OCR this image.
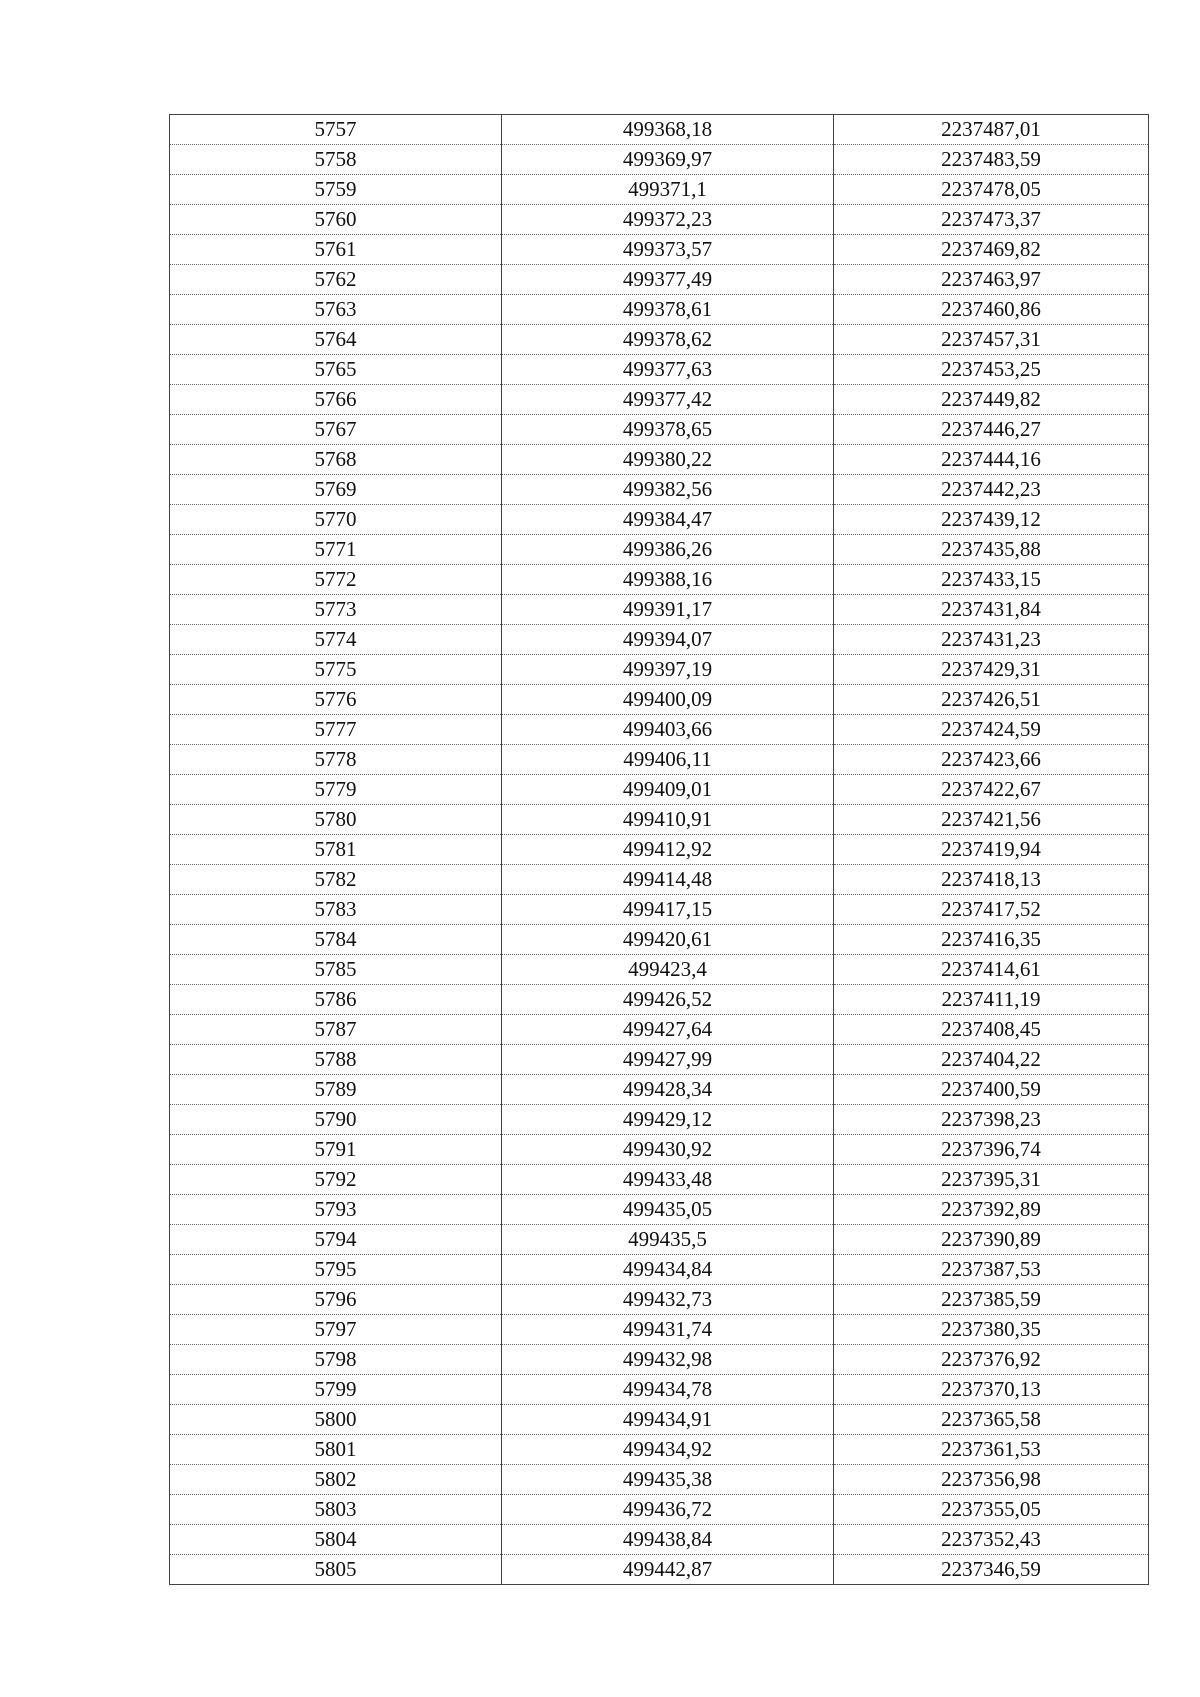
5757	499368,18	2237487,01
5758	499369,97	2237483,59
5759	499371,1	2237478,05
5760	499372,23	2237473,37
5761	499373,57	2237469,82
5762	499377,49	2237463,97
5763	499378,61	2237460,86
5764	499378,62	2237457,31
5765	499377,63	2237453,25
5766	499377,42	2237449,82
5767	499378,65	2237446,27
5768	499380,22	2237444,16
5769	499382,56	2237442,23
5770	499384,47	2237439,12
5771	499386,26	2237435,88
5772	499388,16	2237433,15
5773	499391,17	2237431,84
5774	499394,07	2237431,23
5775	499397,19	2237429,31
5776	499400,09	2237426,51
5777	499403,66	2237424,59
5778	499406,11	2237423,66
5779	499409,01	2237422,67
5780	499410,91	2237421,56
5781	499412,92	2237419,94
5782	499414,48	2237418,13
5783	499417,15	2237417,52
5784	499420,61	2237416,35
5785	499423,4	2237414,61
5786	499426,52	2237411,19
5787	499427,64	2237408,45
5788	499427,99	2237404,22
5789	499428,34	2237400,59
5790	499429,12	2237398,23
5791	499430,92	2237396,74
5792	499433,48	2237395,31
5793	499435,05	2237392,89
5794	499435,5	2237390,89
5795	499434,84	2237387,53
5796	499432,73	2237385,59
5797	499431,74	2237380,35
5798	499432,98	2237376,92
5799	499434,78	2237370,13
5800	499434,91	2237365,58
5801	499434,92	2237361,53
5802	499435,38	2237356,98
5803	499436,72	2237355,05
5804	499438,84	2237352,43
5805	499442,87	2237346,59
